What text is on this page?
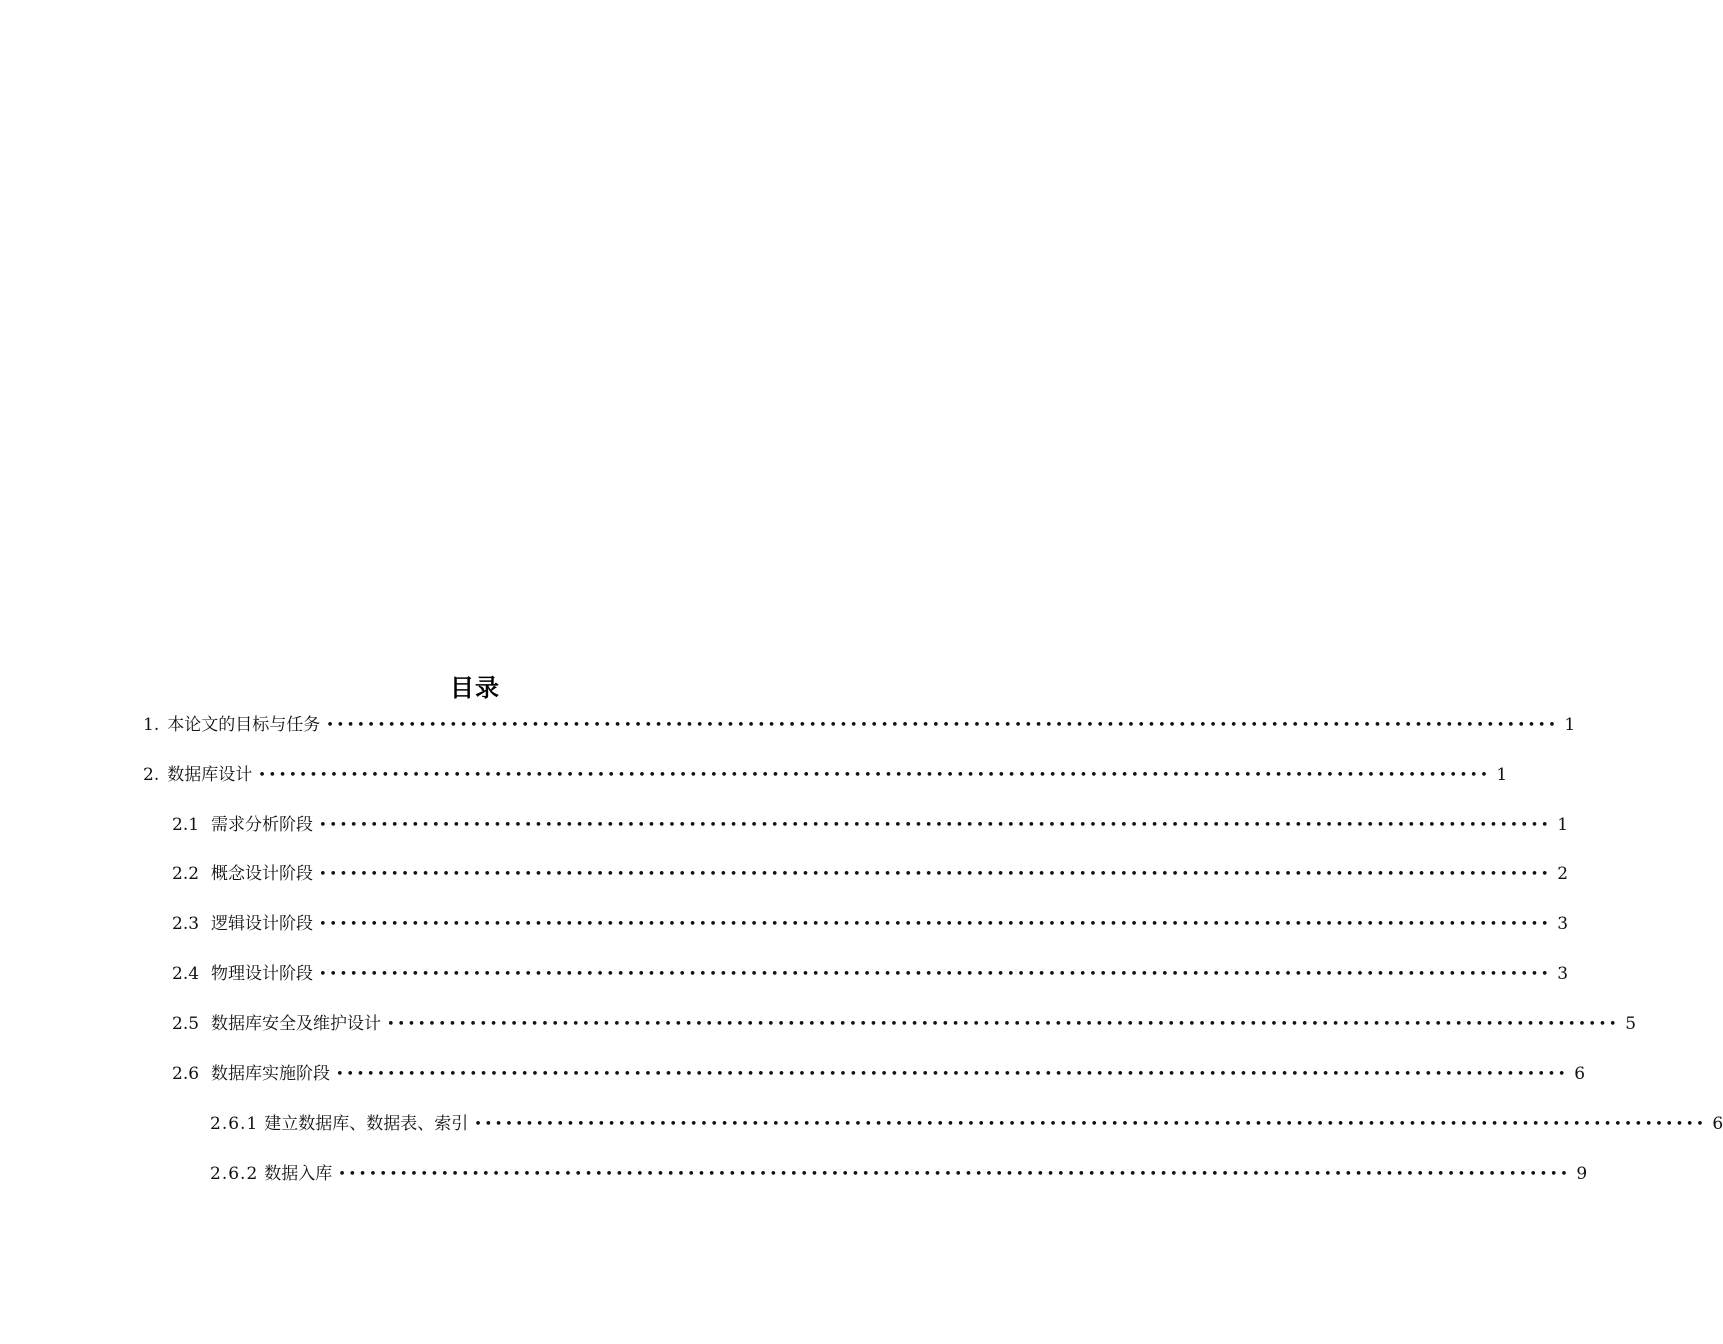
目录
1. 本论文的目标与任务 •••••••••••••••••••••••••••••••••••••••••••••••••••••••••••••••••••••••••••••••••••••••••••••••••••••••••••••••••••••••• 1
2. 数据库设计 •••••••••••••••••••••••••••••••••••••••••••••••••••••••••••••••••••••••••••••••••••••••••••••••••••••••••••••••••••••••• 1
2.1 需求分析阶段 •••••••••••••••••••••••••••••••••••••••••••••••••••••••••••••••••••••••••••••••••••••••••••••••••••••••••••••••••••••••• 1
2.2 概念设计阶段 •••••••••••••••••••••••••••••••••••••••••••••••••••••••••••••••••••••••••••••••••••••••••••••••••••••••••••••••••••••••• 2
2.3 逻辑设计阶段 •••••••••••••••••••••••••••••••••••••••••••••••••••••••••••••••••••••••••••••••••••••••••••••••••••••••••••••••••••••••• 3
2.4 物理设计阶段 •••••••••••••••••••••••••••••••••••••••••••••••••••••••••••••••••••••••••••••••••••••••••••••••••••••••••••••••••••••••• 3
2.5 数据库安全及维护设计 •••••••••••••••••••••••••••••••••••••••••••••••••••••••••••••••••••••••••••••••••••••••••••••••••••••••••••••••••••••••• 5
2.6 数据库实施阶段 •••••••••••••••••••••••••••••••••••••••••••••••••••••••••••••••••••••••••••••••••••••••••••••••••••••••••••••••••••••••• 6
2.6.1 建立数据库、数据表、索引 •••••••••••••••••••••••••••••••••••••••••••••••••••••••••••••••••••••••••••••••••••••••••••••••••••••••••••••••••••••••• 6
2.6.2 数据入库 •••••••••••••••••••••••••••••••••••••••••••••••••••••••••••••••••••••••••••••••••••••••••••••••••••••••••••••••••••••••• 9
